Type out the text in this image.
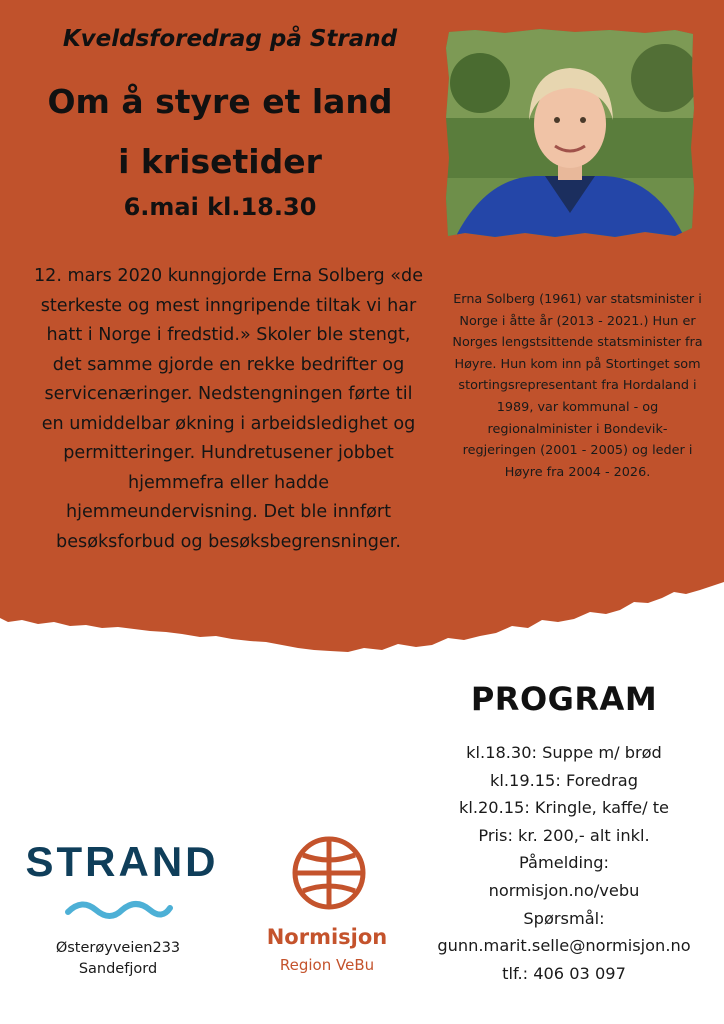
Kveldsforedrag på Strand
Om å styre et land
i krisetider
6.mai kl.18.30
12. mars 2020 kunngjorde Erna Solberg «de
sterkeste og mest inngripende tiltak vi har
hatt i Norge i fredstid.» Skoler ble stengt,
det samme gjorde en rekke bedrifter og
servicenæringer. Nedstengningen førte til
en umiddelbar økning i arbeidsledighet og
permitteringer. Hundretusener jobbet
hjemmefra eller hadde
hjemmeundervisning. Det ble innført
besøksforbud og besøksbegrensninger.
Erna Solberg (1961) var statsminister i
Norge i åtte år (2013 - 2021.) Hun er
Norges lengstsittende statsminister fra
Høyre. Hun kom inn på Stortinget som
stortingsrepresentant fra Hordaland i
1989, var kommunal - og
regionalminister i Bondevik-
regjeringen (2001 - 2005) og leder i
Høyre fra 2004 - 2026.
PROGRAM
kl.18.30: Suppe m/ brød
kl.19.15: Foredrag
kl.20.15: Kringle, kaffe/ te
Pris: kr. 200,- alt inkl.
Påmelding:
normisjon.no/vebu
Spørsmål:
gunn.marit.selle@normisjon.no
tlf.: 406 03 097
STRAND
Østerøyveien233
Sandefjord
Normisjon
Region VeBu
